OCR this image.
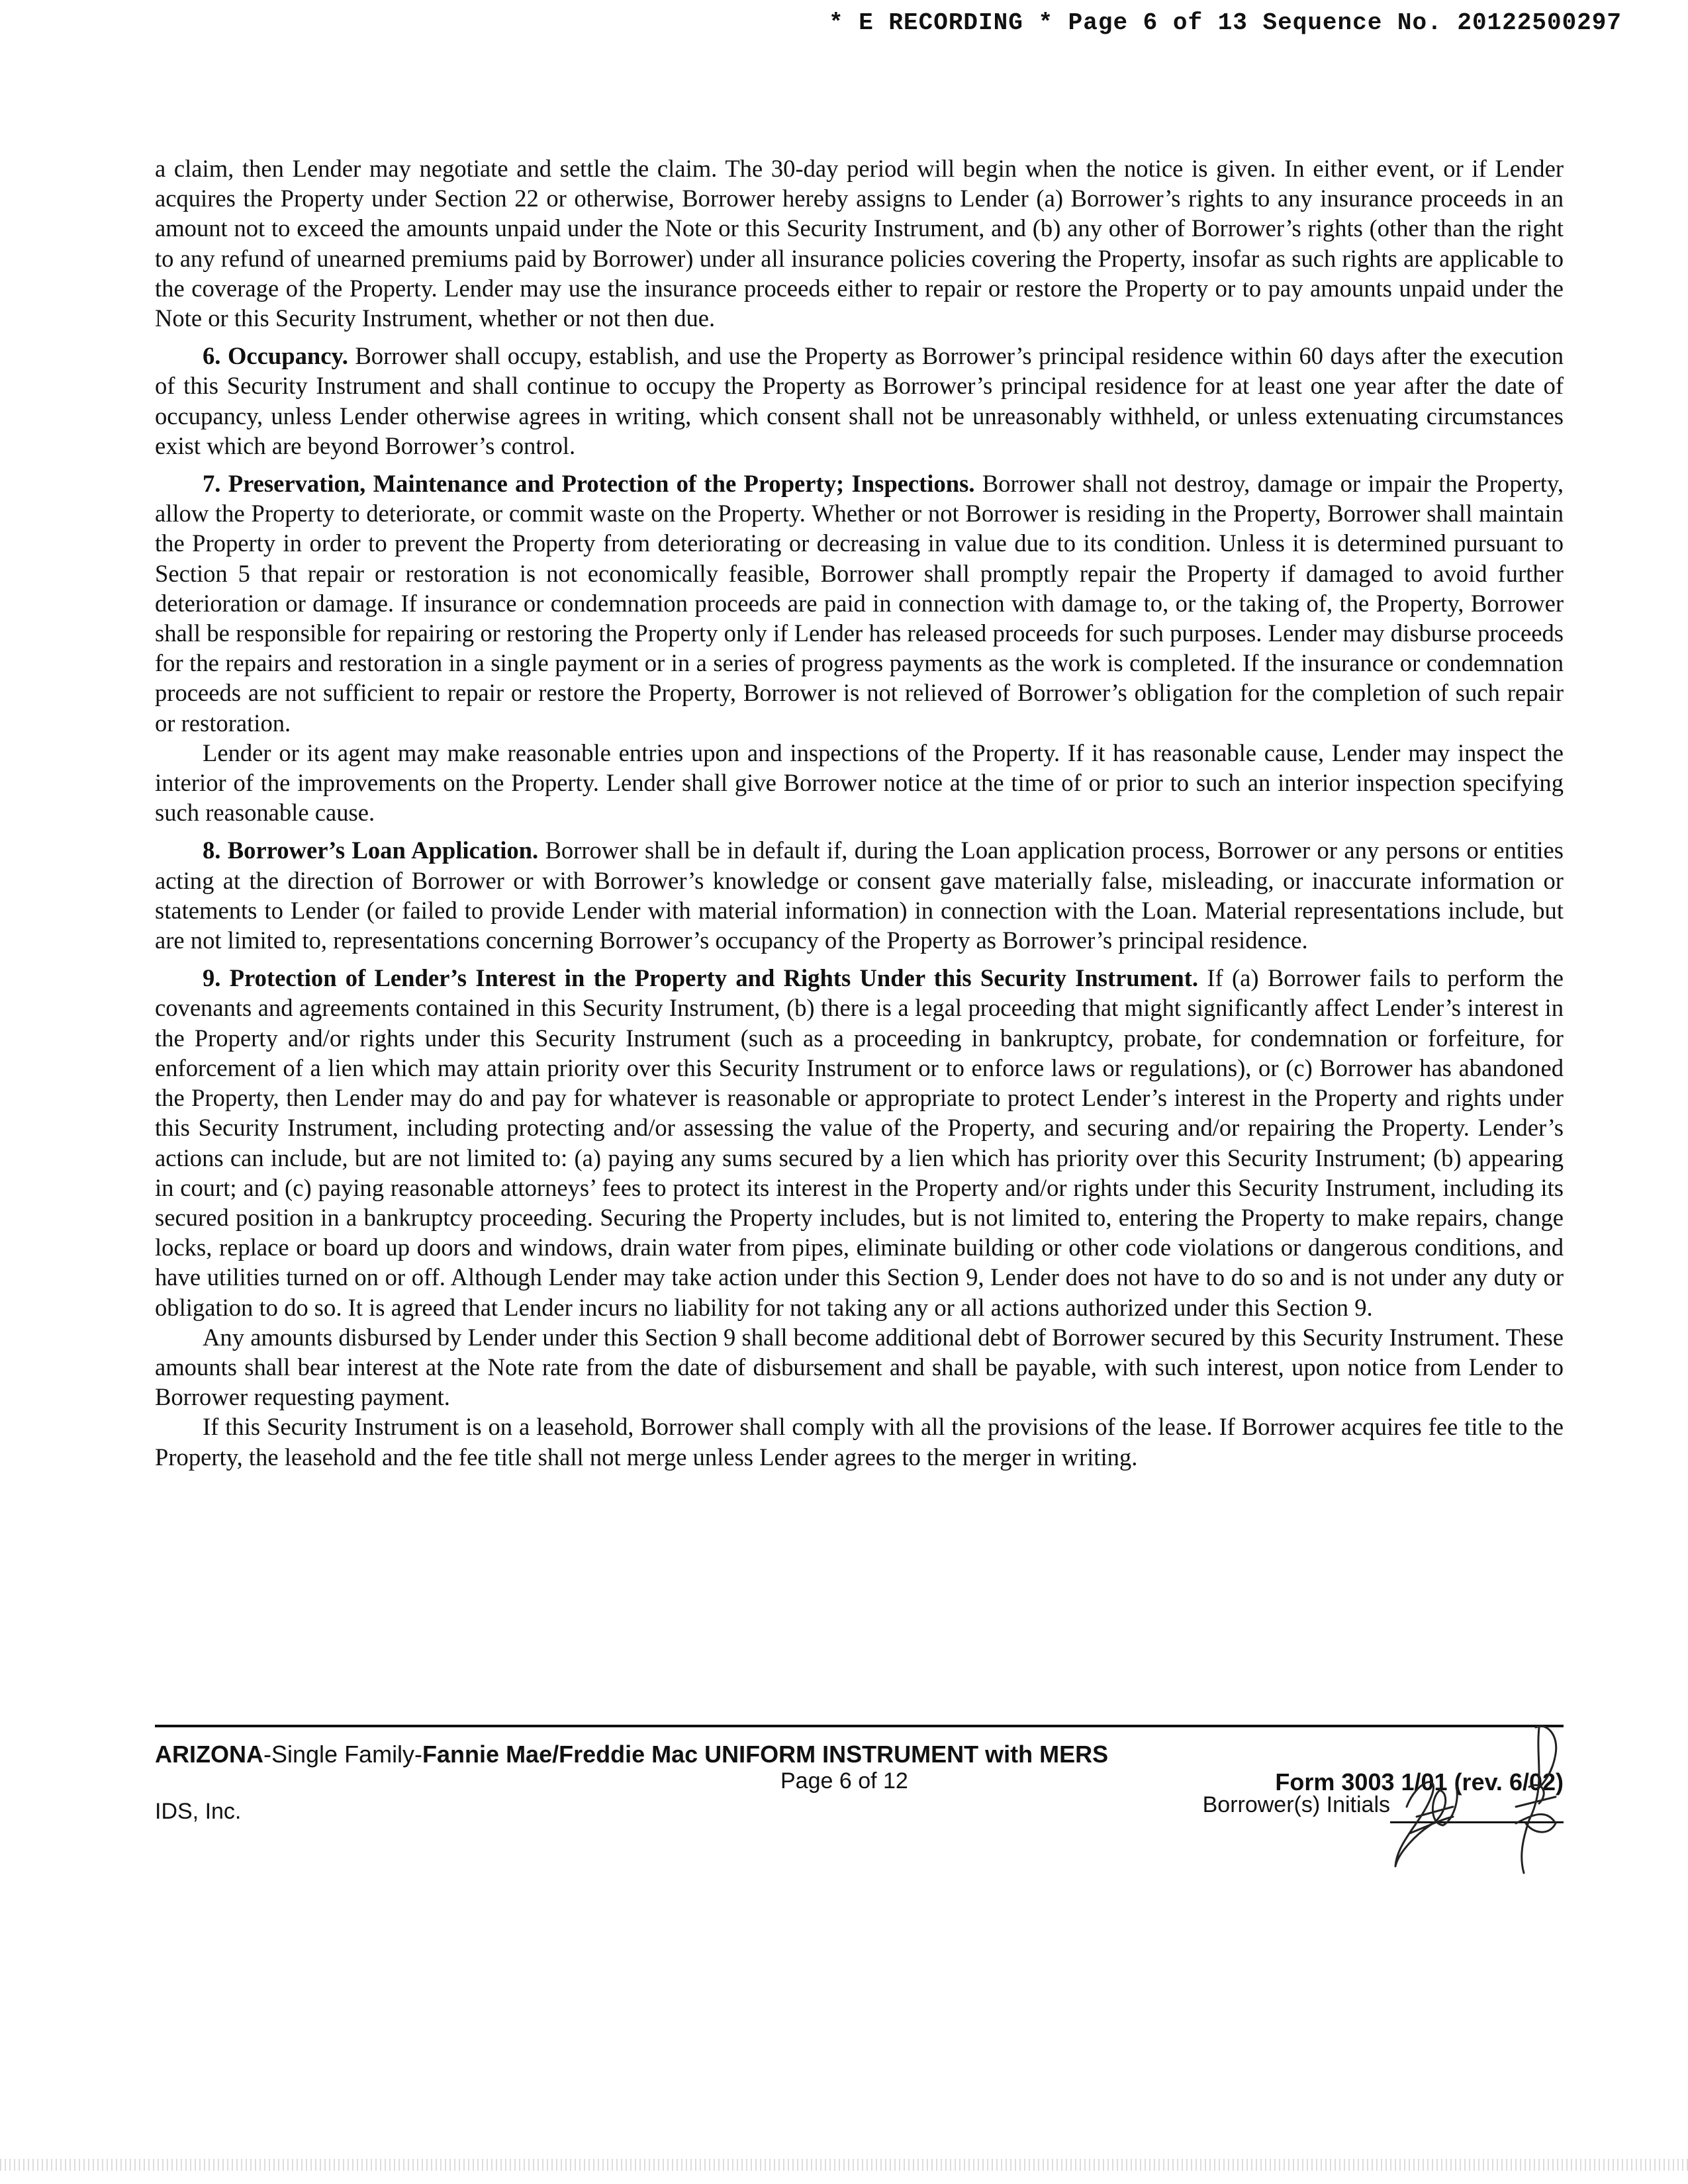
* E RECORDING * Page 6 of 13 Sequence No. 20122500297

a claim, then Lender may negotiate and settle the claim. The 30-day period will begin when the notice is given. In either event, or if Lender acquires the Property under Section 22 or otherwise, Borrower hereby assigns to Lender (a) Borrower’s rights to any insurance proceeds in an amount not to exceed the amounts unpaid under the Note or this Security Instrument, and (b) any other of Borrower’s rights (other than the right to any refund of unearned premiums paid by Borrower) under all insurance policies covering the Property, insofar as such rights are applicable to the coverage of the Property. Lender may use the insurance proceeds either to repair or restore the Property or to pay amounts unpaid under the Note or this Security Instrument, whether or not then due.

6. Occupancy. Borrower shall occupy, establish, and use the Property as Borrower’s principal residence within 60 days after the execution of this Security Instrument and shall continue to occupy the Property as Borrower’s principal residence for at least one year after the date of occupancy, unless Lender otherwise agrees in writing, which consent shall not be unreasonably withheld, or unless extenuating circumstances exist which are beyond Borrower’s control.

7. Preservation, Maintenance and Protection of the Property; Inspections. Borrower shall not destroy, damage or impair the Property, allow the Property to deteriorate, or commit waste on the Property. Whether or not Borrower is residing in the Property, Borrower shall maintain the Property in order to prevent the Property from deteriorating or decreasing in value due to its condition. Unless it is determined pursuant to Section 5 that repair or restoration is not economically feasible, Borrower shall promptly repair the Property if damaged to avoid further deterioration or damage. If insurance or condemnation proceeds are paid in connection with damage to, or the taking of, the Property, Borrower shall be responsible for repairing or restoring the Property only if Lender has released proceeds for such purposes. Lender may disburse proceeds for the repairs and restoration in a single payment or in a series of progress payments as the work is completed. If the insurance or condemnation proceeds are not sufficient to repair or restore the Property, Borrower is not relieved of Borrower’s obligation for the completion of such repair or restoration.

Lender or its agent may make reasonable entries upon and inspections of the Property. If it has reasonable cause, Lender may inspect the interior of the improvements on the Property. Lender shall give Borrower notice at the time of or prior to such an interior inspection specifying such reasonable cause.

8. Borrower’s Loan Application. Borrower shall be in default if, during the Loan application process, Borrower or any persons or entities acting at the direction of Borrower or with Borrower’s knowledge or consent gave materially false, misleading, or inaccurate information or statements to Lender (or failed to provide Lender with material information) in connection with the Loan. Material representations include, but are not limited to, representations concerning Borrower’s occupancy of the Property as Borrower’s principal residence.

9. Protection of Lender’s Interest in the Property and Rights Under this Security Instrument. If (a) Borrower fails to perform the covenants and agreements contained in this Security Instrument, (b) there is a legal proceeding that might significantly affect Lender’s interest in the Property and/or rights under this Security Instrument (such as a proceeding in bankruptcy, probate, for condemnation or forfeiture, for enforcement of a lien which may attain priority over this Security Instrument or to enforce laws or regulations), or (c) Borrower has abandoned the Property, then Lender may do and pay for whatever is reasonable or appropriate to protect Lender’s interest in the Property and rights under this Security Instrument, including protecting and/or assessing the value of the Property, and securing and/or repairing the Property. Lender’s actions can include, but are not limited to: (a) paying any sums secured by a lien which has priority over this Security Instrument; (b) appearing in court; and (c) paying reasonable attorneys’ fees to protect its interest in the Property and/or rights under this Security Instrument, including its secured position in a bankruptcy proceeding. Securing the Property includes, but is not limited to, entering the Property to make repairs, change locks, replace or board up doors and windows, drain water from pipes, eliminate building or other code violations or dangerous conditions, and have utilities turned on or off. Although Lender may take action under this Section 9, Lender does not have to do so and is not under any duty or obligation to do so. It is agreed that Lender incurs no liability for not taking any or all actions authorized under this Section 9.

Any amounts disbursed by Lender under this Section 9 shall become additional debt of Borrower secured by this Security Instrument. These amounts shall bear interest at the Note rate from the date of disbursement and shall be payable, with such interest, upon notice from Lender to Borrower requesting payment.

If this Security Instrument is on a leasehold, Borrower shall comply with all the provisions of the lease. If Borrower acquires fee title to the Property, the leasehold and the fee title shall not merge unless Lender agrees to the merger in writing.

ARIZONA-Single Family-Fannie Mae/Freddie Mac UNIFORM INSTRUMENT with MERS
Page 6 of 12	Form 3003 1/01 (rev. 6/02)
IDS, Inc.	Borrower(s) Initials
